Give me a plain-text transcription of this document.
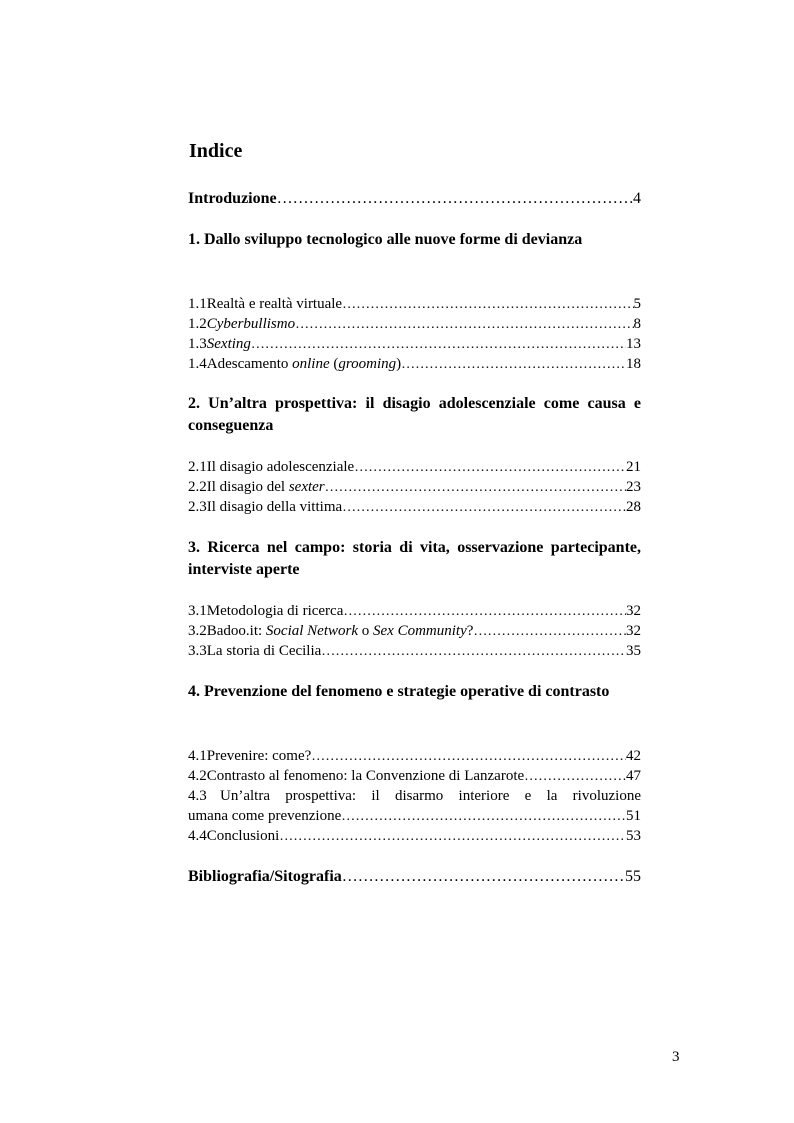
Indice
Introduzione ……………………………………………………………………………………………………………………………………………………	4
1. Dallo sviluppo tecnologico alle nuove forme di devianza
1.1 Realtà e realtà virtuale ……………………………………………………………………………………………………………………………………………………	5
1.2 Cyberbullismo ……………………………………………………………………………………………………………………………………………………	8
1.3 Sexting ……………………………………………………………………………………………………………………………………………………	13
1.4 Adescamento online ( grooming ) ……………………………………………………………………………………………………………………………………………………	18
2. Un’altra prospettiva: il disagio adolescenziale come causa e conseguenza
2.1 Il disagio adolescenziale ……………………………………………………………………………………………………………………………………………………	21
2.2 Il disagio del sexter ……………………………………………………………………………………………………………………………………………………	23
2.3 Il disagio della vittima ……………………………………………………………………………………………………………………………………………………	28
3. Ricerca nel campo: storia di vita, osservazione partecipante, interviste aperte
3.1 Metodologia di ricerca ……………………………………………………………………………………………………………………………………………………	32
3.2 Badoo.it: Social Network o Sex Community ? ……………………………………………………………………………………………………………………………………………………	32
3.3 La storia di Cecilia ……………………………………………………………………………………………………………………………………………………	35
4. Prevenzione del fenomeno e strategie operative di contrasto
4.1 Prevenire: come? ……………………………………………………………………………………………………………………………………………………	42
4.2 Contrasto al fenomeno: la Convenzione di Lanzarote ……………………………………………………………………………………………………………………………………………………	47
4.3 Un’altra prospettiva: il disarmo interiore e la rivoluzione
umana come prevenzione ……………………………………………………………………………………………………………………………………………………	51
4.4 Conclusioni ……………………………………………………………………………………………………………………………………………………	53
Bibliografia/Sitografia ……………………………………………………………………………………………………………………………………………………	55
3
